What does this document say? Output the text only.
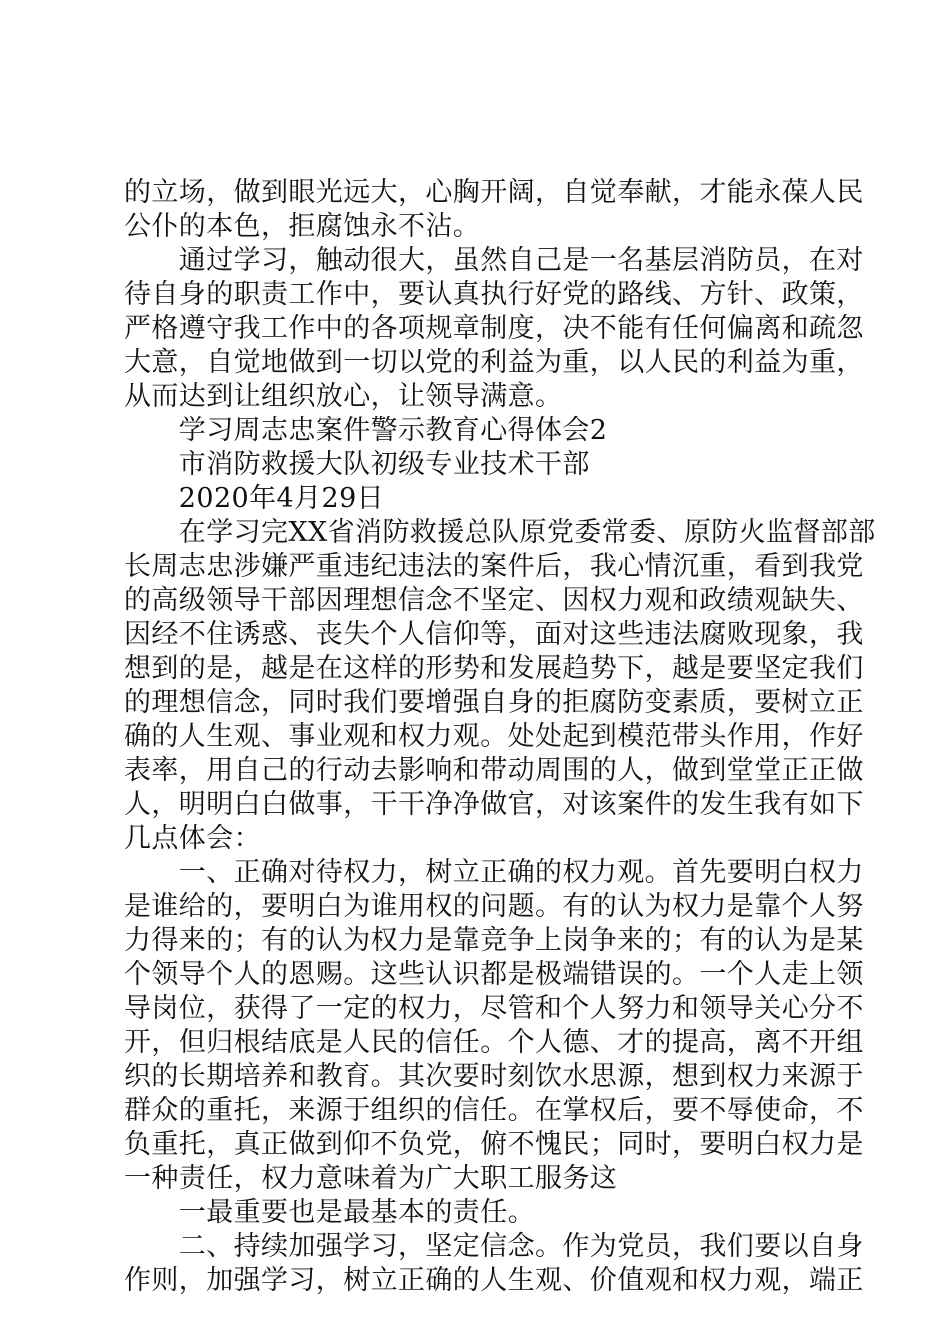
的立场，做到眼光远大，心胸开阔，自觉奉献，才能永葆人民
公仆的本色，拒腐蚀永不沾。
　　通过学习，触动很大，虽然自己是一名基层消防员，在对
待自身的职责工作中，要认真执行好党的路线、方针、政策，
严格遵守我工作中的各项规章制度，决不能有任何偏离和疏忽
大意，自觉地做到一切以党的利益为重，以人民的利益为重，
从而达到让组织放心，让领导满意。
　　学习周志忠案件警示教育心得体会2
　　市消防救援大队初级专业技术干部
　　2020年4月29日
　　在学习完XX省消防救援总队原党委常委、原防火监督部部
长周志忠涉嫌严重违纪违法的案件后，我心情沉重，看到我党
的高级领导干部因理想信念不坚定、因权力观和政绩观缺失、
因经不住诱惑、丧失个人信仰等，面对这些违法腐败现象，我
想到的是，越是在这样的形势和发展趋势下，越是要坚定我们
的理想信念，同时我们要增强自身的拒腐防变素质，要树立正
确的人生观、事业观和权力观。处处起到模范带头作用，作好
表率，用自己的行动去影响和带动周围的人，做到堂堂正正做
人，明明白白做事，干干净净做官，对该案件的发生我有如下
几点体会：
　　一、正确对待权力，树立正确的权力观。首先要明白权力
是谁给的，要明白为谁用权的问题。有的认为权力是靠个人努
力得来的；有的认为权力是靠竞争上岗争来的；有的认为是某
个领导个人的恩赐。这些认识都是极端错误的。一个人走上领
导岗位，获得了一定的权力，尽管和个人努力和领导关心分不
开，但归根结底是人民的信任。个人德、才的提高，离不开组
织的长期培养和教育。其次要时刻饮水思源，想到权力来源于
群众的重托，来源于组织的信任。在掌权后，要不辱使命，不
负重托，真正做到仰不负党，俯不愧民；同时，要明白权力是
一种责任，权力意味着为广大职工服务这
　　一最重要也是最基本的责任。
　　二、持续加强学习，坚定信念。作为党员，我们要以自身
作则，加强学习，树立正确的人生观、价值观和权力观，端正
